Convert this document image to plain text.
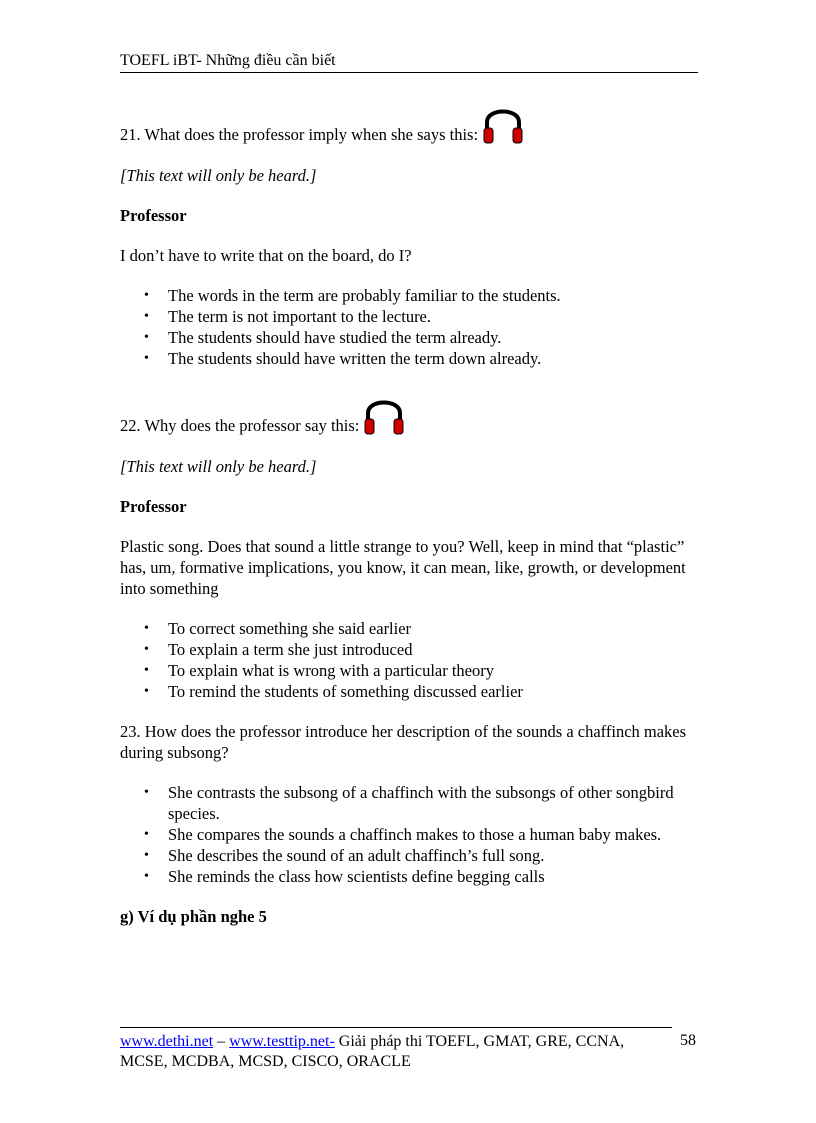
TOEFL iBT- Những điều cần biết
21. What does the professor imply when she says this:

[This text will only be heard.]

Professor

I don’t have to write that on the board, do I?

• The words in the term are probably familiar to the students.
• The term is not important to the lecture.
• The students should have studied the term already.
• The students should have written the term down already.
22. Why does the professor say this:

[This text will only be heard.]

Professor

Plastic song. Does that sound a little strange to you? Well, keep in mind that “plastic” has, um, formative implications, you know, it can mean, like, growth, or development into something

• To correct something she said earlier
• To explain a term she just introduced
• To explain what is wrong with a particular theory
• To remind the students of something discussed earlier

23. How does the professor introduce her description of the sounds a chaffinch makes during subsong?

• She contrasts the subsong of a chaffinch with the subsongs of other songbird species.
• She compares the sounds a chaffinch makes to those a human baby makes.
• She describes the sound of an adult chaffinch’s full song.
• She reminds the class how scientists define begging calls

g) Ví dụ phần nghe 5

www.dethi.net – www.testtip.net- Giải pháp thi TOEFL, GMAT, GRE, CCNA, MCSE, MCDBA, MCSD, CISCO, ORACLE
58
